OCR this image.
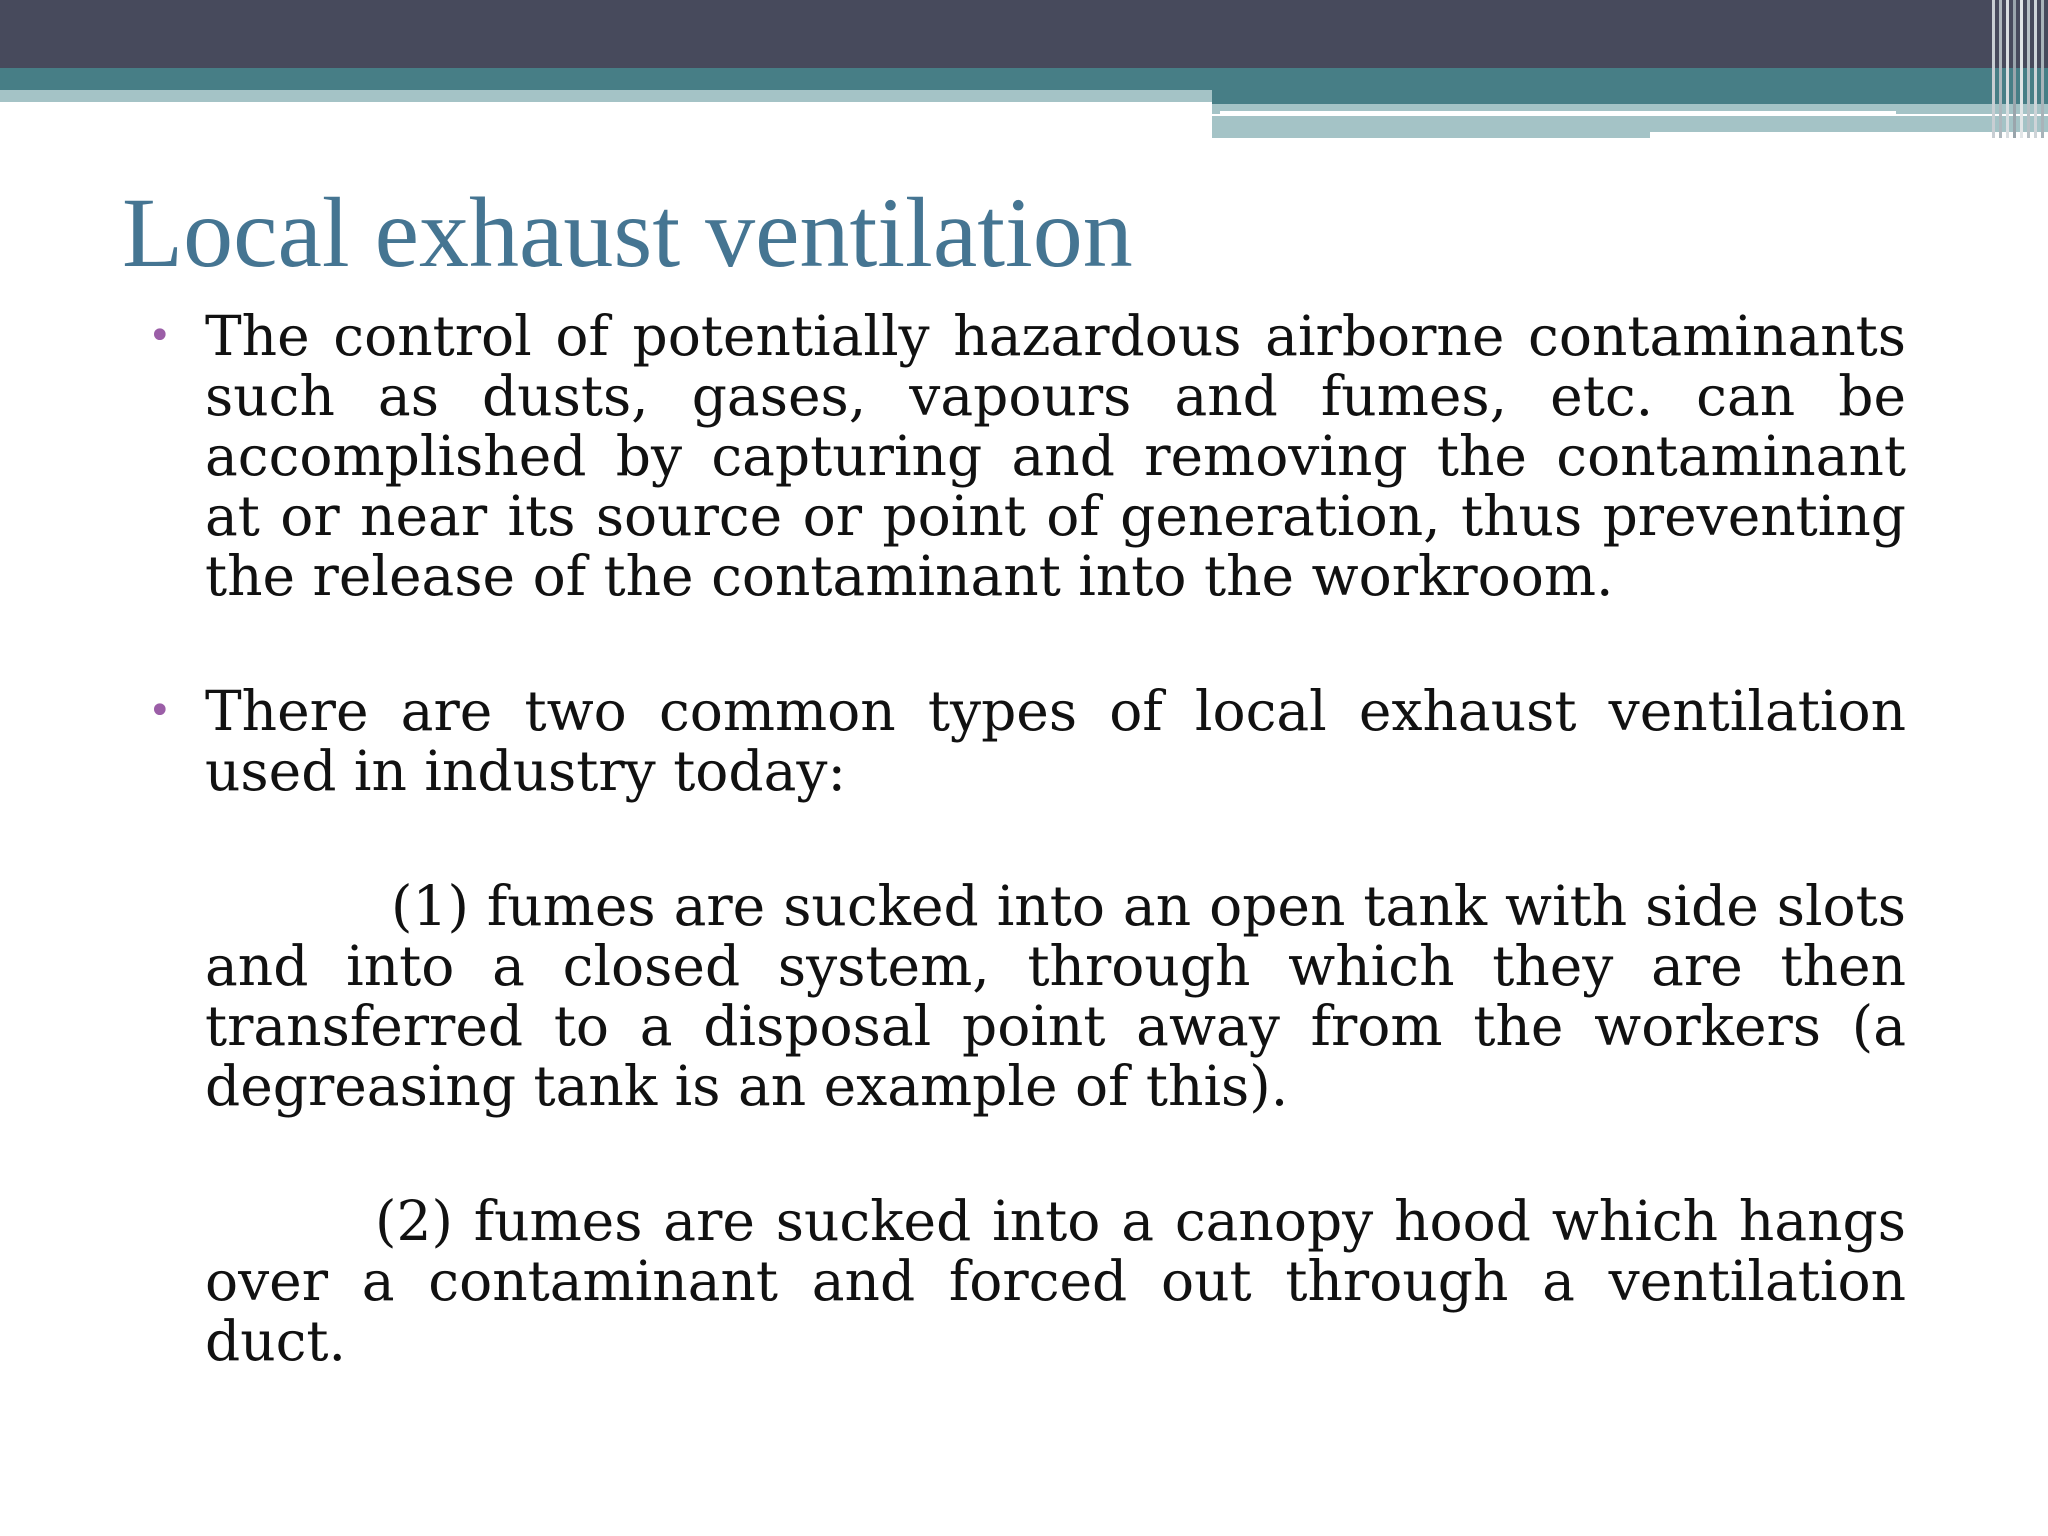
Local exhaust ventilation
• The control of potentially hazardous airborne contaminants such as dusts, gases, vapours and fumes, etc. can be accomplished by capturing and removing the contaminant at or near its source or point of generation, thus preventing the release of the contaminant into the workroom.
• There are two common types of local exhaust ventilation used in industry today:
(1) fumes are sucked into an open tank with side slots and into a closed system, through which they are then transferred to a disposal point away from the workers (a degreasing tank is an example of this).
(2) fumes are sucked into a canopy hood which hangs over a contaminant and forced out through a ventilation duct.
